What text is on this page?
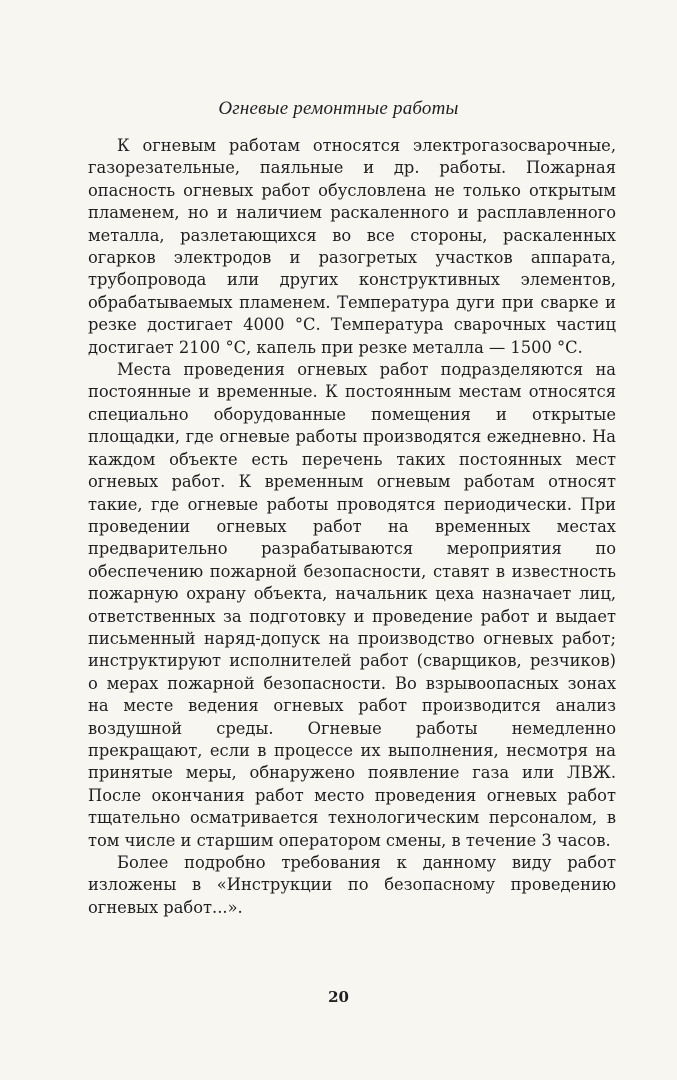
Огневые ремонтные работы

К огневым работам относятся электрогазосварочные, газорезательные, паяльные и др. работы. Пожарная опасность огневых работ обусловлена не только открытым пламенем, но и наличием раскаленного и расплавленного металла, разлетающихся во все стороны, раскаленных огарков электродов и разогретых участков аппарата, трубопровода или других конструктивных элементов, обрабатываемых пламенем. Температура дуги при сварке и резке достигает 4000 °С. Температура сварочных частиц достигает 2100 °С, капель при резке металла — 1500 °С.

Места проведения огневых работ подразделяются на постоянные и временные. К постоянным местам относятся специально оборудованные помещения и открытые площадки, где огневые работы производятся ежедневно. На каждом объекте есть перечень таких постоянных мест огневых работ. К временным огневым работам относят такие, где огневые работы проводятся периодически. При проведении огневых работ на временных местах предварительно разрабатываются мероприятия по обеспечению пожарной безопасности, ставят в известность пожарную охрану объекта, начальник цеха назначает лиц, ответственных за подготовку и проведение работ и выдает письменный наряд-допуск на производство огневых работ; инструктируют исполнителей работ (сварщиков, резчиков) о мерах пожарной безопасности. Во взрывоопасных зонах на месте ведения огневых работ производится анализ воздушной среды. Огневые работы немедленно прекращают, если в процессе их выполнения, несмотря на принятые меры, обнаружено появление газа или ЛВЖ. После окончания работ место проведения огневых работ тщательно осматривается технологическим персоналом, в том числе и старшим оператором смены, в течение 3 часов.

Более подробно требования к данному виду работ изложены в «Инструкции по безопасному проведению огневых работ...».

20
